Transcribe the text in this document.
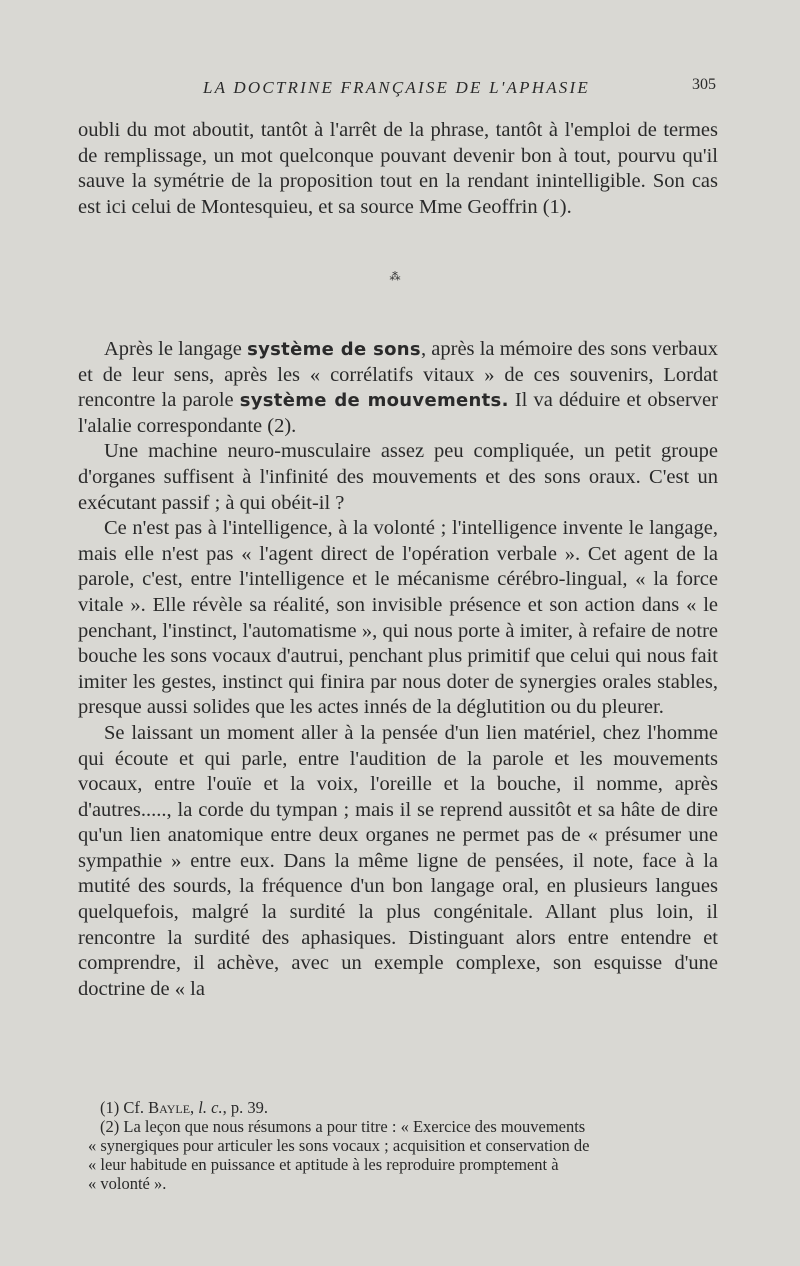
LA DOCTRINE FRANÇAISE DE L'APHASIE	305

oubli du mot aboutit, tantôt à l'arrêt de la phrase, tantôt à l'emploi de termes de remplissage, un mot quelconque pouvant devenir bon à tout, pourvu qu'il sauve la symétrie de la proposition tout en la rendant inintelligible. Son cas est ici celui de Montesquieu, et sa source Mme Geoffrin (1).

⁂

Après le langage système de sons, après la mémoire des sons verbaux et de leur sens, après les « corrélatifs vitaux » de ces souvenirs, Lordat rencontre la parole système de mouvements. Il va déduire et observer l'alalie correspondante (2).

Une machine neuro-musculaire assez peu compliquée, un petit groupe d'organes suffisent à l'infinité des mouvements et des sons oraux. C'est un exécutant passif ; à qui obéit-il ?

Ce n'est pas à l'intelligence, à la volonté ; l'intelligence invente le langage, mais elle n'est pas « l'agent direct de l'opération verbale ». Cet agent de la parole, c'est, entre l'intelligence et le mécanisme cérébro-lingual, « la force vitale ». Elle révèle sa réalité, son invisible présence et son action dans « le penchant, l'instinct, l'automatisme », qui nous porte à imiter, à refaire de notre bouche les sons vocaux d'autrui, penchant plus primitif que celui qui nous fait imiter les gestes, instinct qui finira par nous doter de synergies orales stables, presque aussi solides que les actes innés de la déglutition ou du pleurer.

Se laissant un moment aller à la pensée d'un lien matériel, chez l'homme qui écoute et qui parle, entre l'audition de la parole et les mouvements vocaux, entre l'ouïe et la voix, l'oreille et la bouche, il nomme, après d'autres....., la corde du tympan ; mais il se reprend aussitôt et sa hâte de dire qu'un lien anatomique entre deux organes ne permet pas de « présumer une sympathie » entre eux. Dans la même ligne de pensées, il note, face à la mutité des sourds, la fréquence d'un bon langage oral, en plusieurs langues quelquefois, malgré la surdité la plus congénitale. Allant plus loin, il rencontre la surdité des aphasiques. Distinguant alors entre entendre et comprendre, il achève, avec un exemple complexe, son esquisse d'une doctrine de « la

(1) Cf. Bayle, l. c., p. 39.

(2) La leçon que nous résumons a pour titre : « Exercice des mouvements

« synergiques pour articuler les sons vocaux ; acquisition et conservation de

« leur habitude en puissance et aptitude à les reproduire promptement à

« volonté ».
